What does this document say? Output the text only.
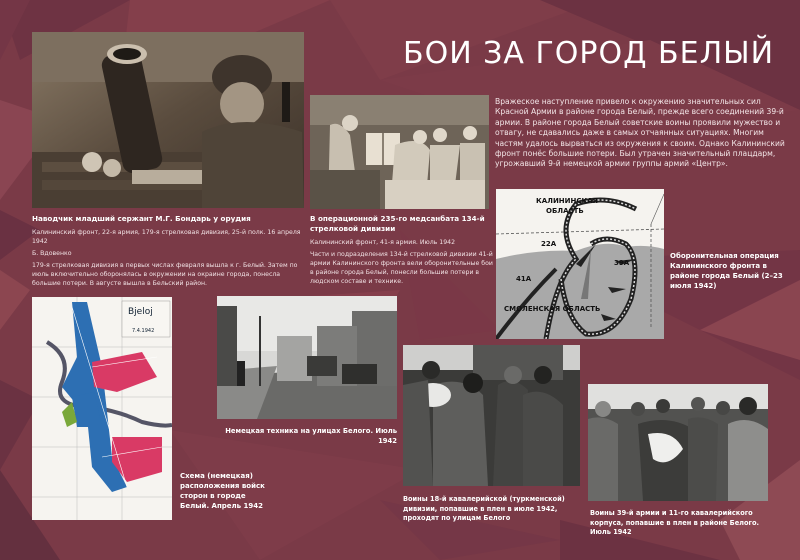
БОИ ЗА ГОРОД БЕЛЫЙ
Вражеское наступление привело к окружению значительных сил Красной Армии в районе города Белый, прежде всего соединений 39-й армии. В районе города Белый советские воины проявили мужество и отвагу, не сдавались даже в самых отчаянных ситуациях. Многим частям удалось вырваться из окружения к своим. Однако Калининский фронт понёс большие потери. Был утрачен значительный плацдарм, угрожавший 9-й немецкой армии группы армий «Центр».
Наводчик младший сержант М.Г. Бондарь у орудия

Калининский фронт, 22-я армия, 179-я стрелковая дивизия, 25-й полк. 16 апреля 1942

Б. Вдовенко

179-я стрелковая дивизия в первых числах февраля вышла к г. Белый. Затем по июль включительно оборонялась в окружении на окраине города, понесла большие потери. В августе вышла в Бельский район.

В операционной 235-го медсанбата 134-й стрелковой дивизии

Калининский фронт, 41-я армия. Июль 1942

Части и подразделения 134-й стрелковой дивизии 41-й армии Калининского фронта вели оборонительные бои в районе города Белый, понесли большие потери в людском составе и технике.

КАЛИНИНСКАЯ
ОБЛАСТЬ
22А
39А
41А
СМОЛЕНСКАЯ ОБЛАСТЬ
Оборонительная операция Калининского фронта в районе города Белый (2–23 июля 1942)
Bjeloj
7.4.1942
Схема (немецкая) расположения войск сторон в городе Белый. Апрель 1942
Немецкая техника на улицах Белого. Июль 1942
Воины 18-й кавалерийской (туркменской) дивизии, попавшие в плен в июле 1942, проходят по улицам Белого
Воины 39-й армии и 11-го кавалерийского корпуса, попавшие в плен в районе Белого. Июль 1942
